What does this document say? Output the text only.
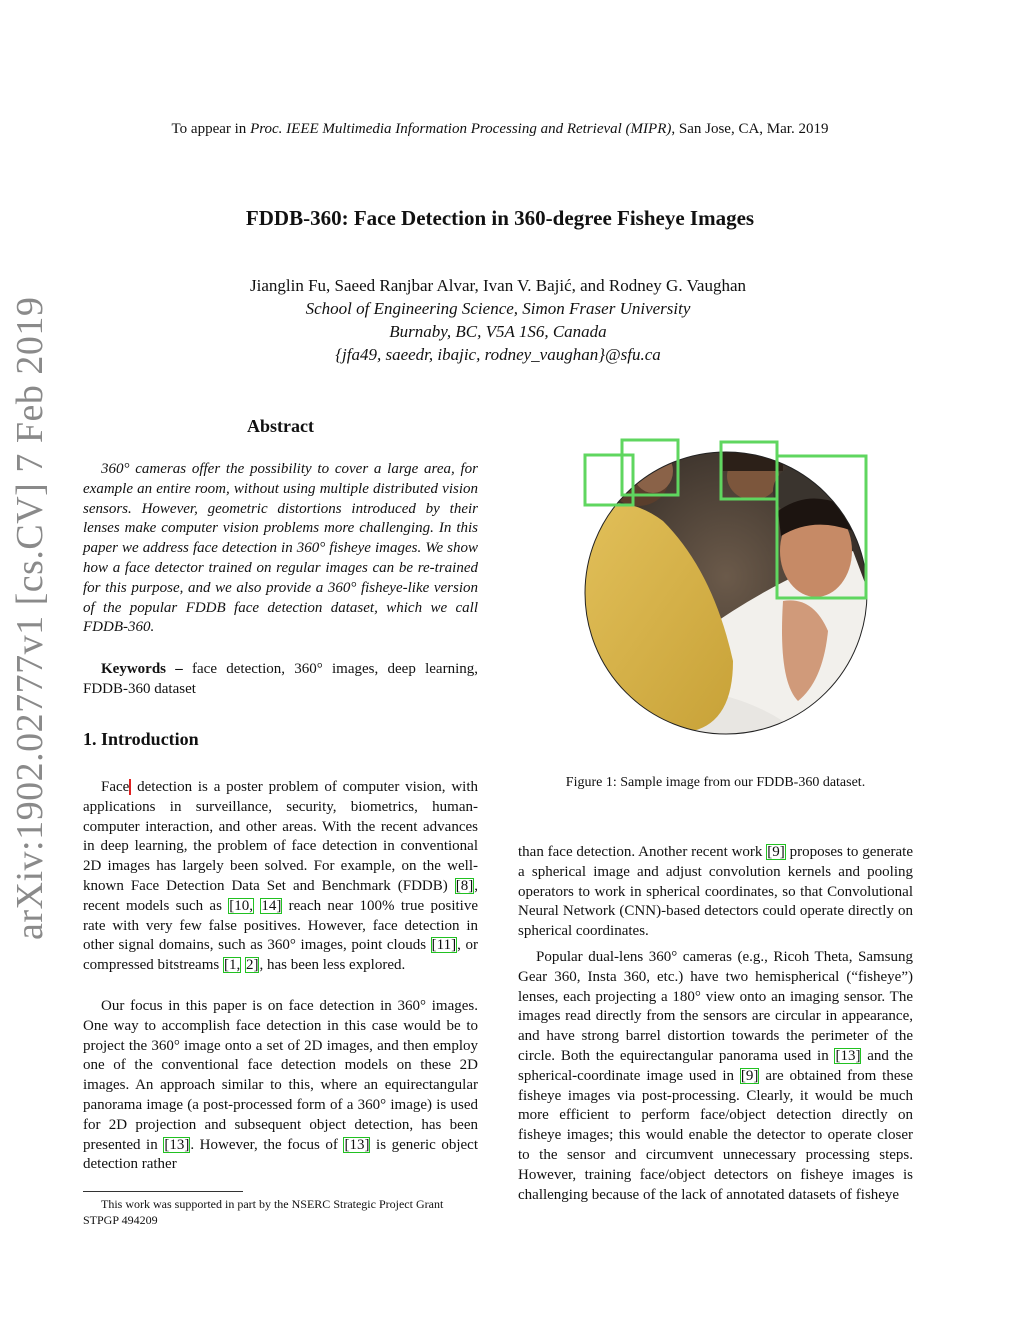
arXiv:1902.02777v1 [cs.CV] 7 Feb 2019
To appear in Proc. IEEE Multimedia Information Processing and Retrieval (MIPR), San Jose, CA, Mar. 2019
FDDB-360: Face Detection in 360-degree Fisheye Images
Jianglin Fu, Saeed Ranjbar Alvar, Ivan V. Bajić, and Rodney G. Vaughan
School of Engineering Science, Simon Fraser University
Burnaby, BC, V5A 1S6, Canada
{jfa49, saeedr, ibajic, rodney_vaughan}@sfu.ca
Abstract

360° cameras offer the possibility to cover a large area, for example an entire room, without using multiple distributed vision sensors. However, geometric distortions introduced by their lenses make computer vision problems more challenging. In this paper we address face detection in 360° fisheye images. We show how a face detector trained on regular images can be re-trained for this purpose, and we also provide a 360° fisheye-like version of the popular FDDB face detection dataset, which we call FDDB-360.

Keywords – face detection, 360° images, deep learning, FDDB-360 dataset

1. Introduction

Face detection is a poster problem of computer vision, with applications in surveillance, security, biometrics, human-computer interaction, and other areas. With the recent advances in deep learning, the problem of face detection in conventional 2D images has largely been solved. For example, on the well-known Face Detection Data Set and Benchmark (FDDB) [8], recent models such as [10, 14] reach near 100% true positive rate with very few false positives. However, face detection in other signal domains, such as 360° images, point clouds [11], or compressed bitstreams [1, 2], has been less explored.

Our focus in this paper is on face detection in 360° images. One way to accomplish face detection in this case would be to project the 360° image onto a set of 2D images, and then employ one of the conventional face detection models on these 2D images. An approach similar to this, where an equirectangular panorama image (a post-processed form of a 360° image) is used for 2D projection and subsequent object detection, has been presented in [13]. However, the focus of [13] is generic object detection rather

This work was supported in part by the NSERC Strategic Project Grant STPGP 494209
Figure 1: Sample image from our FDDB-360 dataset.

than face detection. Another recent work [9] proposes to generate a spherical image and adjust convolution kernels and pooling operators to work in spherical coordinates, so that Convolutional Neural Network (CNN)-based detectors could operate directly on spherical coordinates.

Popular dual-lens 360° cameras (e.g., Ricoh Theta, Samsung Gear 360, Insta 360, etc.) have two hemispherical (“fisheye”) lenses, each projecting a 180° view onto an imaging sensor. The images read directly from the sensors are circular in appearance, and have strong barrel distortion towards the perimeter of the circle. Both the equirectangular panorama used in [13] and the spherical-coordinate image used in [9] are obtained from these fisheye images via post-processing. Clearly, it would be much more efficient to perform face/object detection directly on fisheye images; this would enable the detector to operate closer to the sensor and circumvent unnecessary processing steps. However, training face/object detectors on fisheye images is challenging because of the lack of annotated datasets of fisheye
